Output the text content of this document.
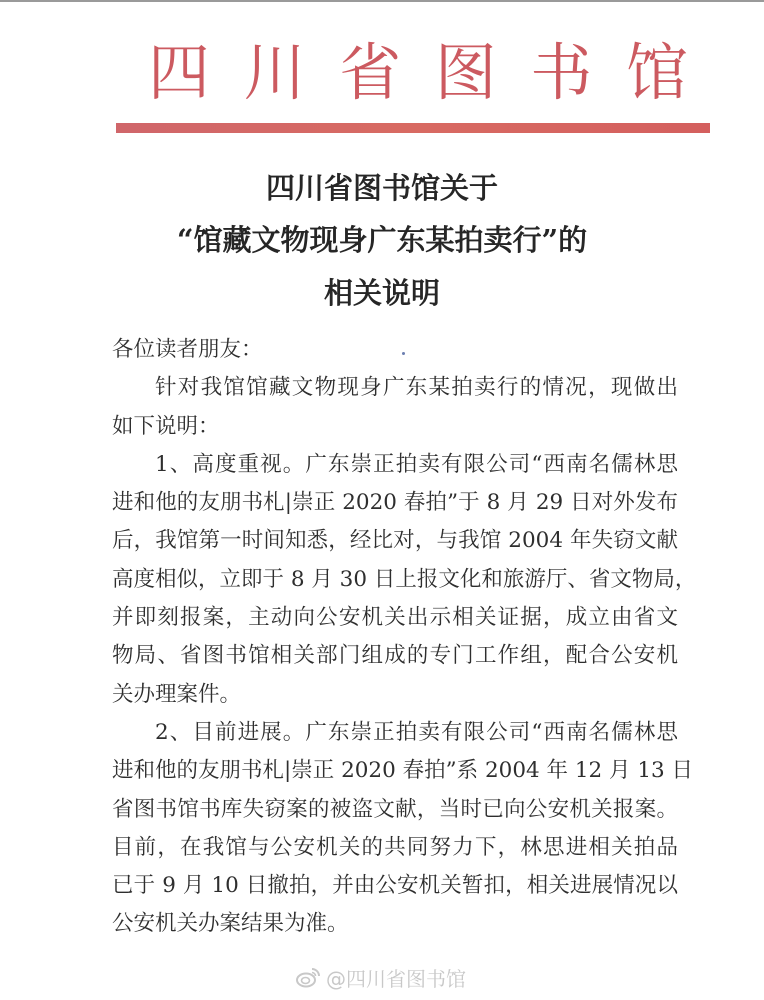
四 川 省 图 书 馆
四川省图书馆关于
“馆藏文物现身广东某拍卖行”的
相关说明

各位读者朋友：

针对我馆馆藏文物现身广东某拍卖行的情况，现做出
如下说明：

1、高度重视。广东崇正拍卖有限公司“西南名儒林思
进和他的友朋书札|崇正 2020 春拍”于 8 月 29 日对外发布
后，我馆第一时间知悉，经比对，与我馆 2004 年失窃文献
高度相似，立即于 8 月 30 日上报文化和旅游厅、省文物局，
并即刻报案，主动向公安机关出示相关证据，成立由省文
物局、省图书馆相关部门组成的专门工作组，配合公安机
关办理案件。

2、目前进展。广东崇正拍卖有限公司“西南名儒林思
进和他的友朋书札|崇正 2020 春拍”系 2004 年 12 月 13 日
省图书馆书库失窃案的被盗文献，当时已向公安机关报案。
目前，在我馆与公安机关的共同努力下，林思进相关拍品
已于 9 月 10 日撤拍，并由公安机关暂扣，相关进展情况以
公安机关办案结果为准。

@四川省图书馆
